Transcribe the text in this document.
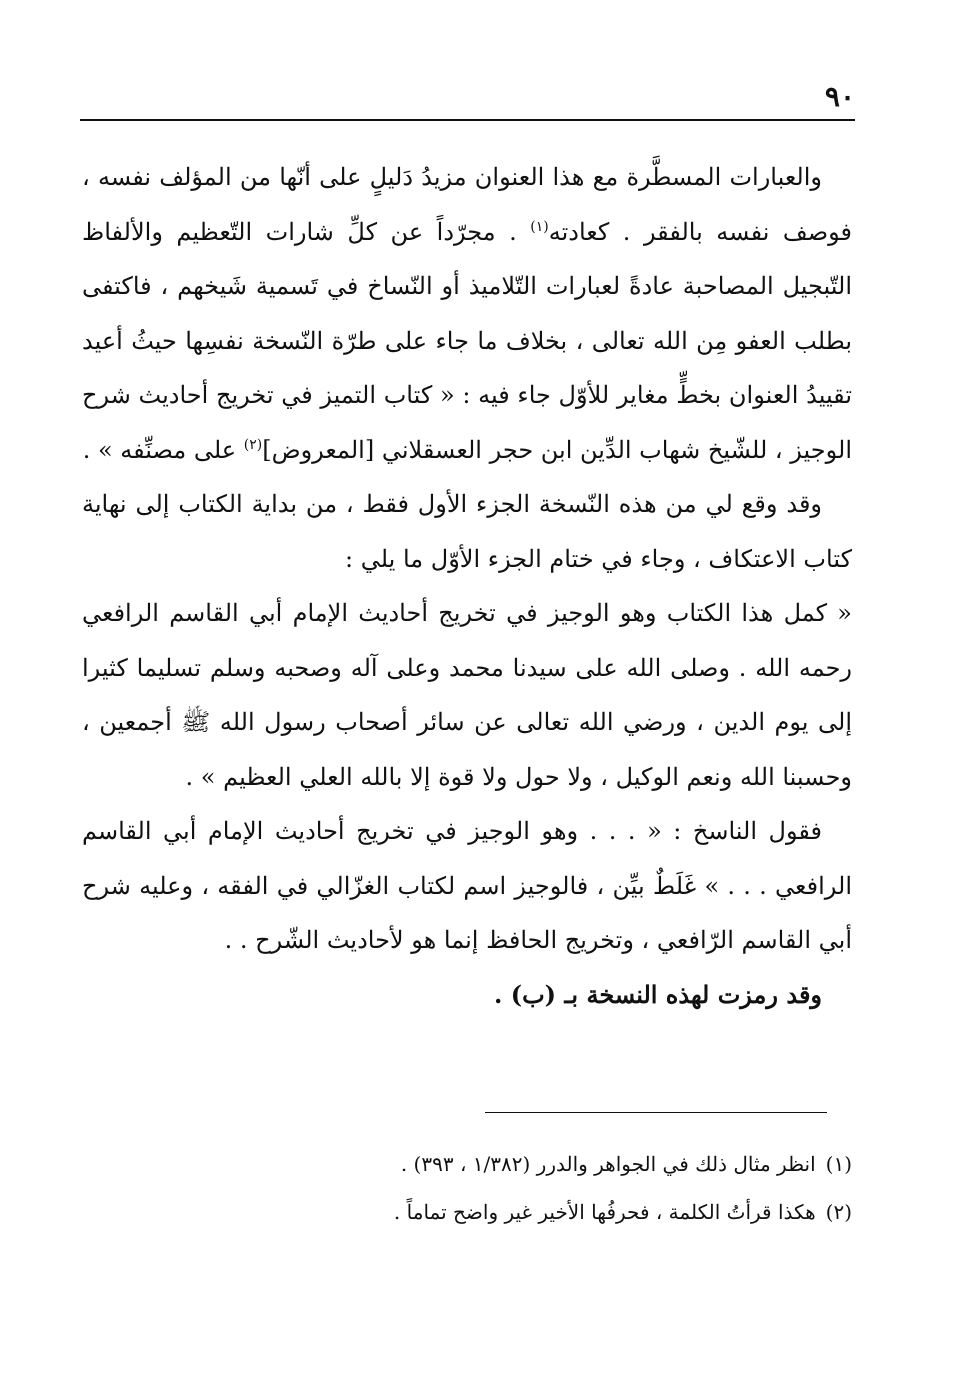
٩٠

والعبارات المسطَّرة مع هذا العنوان مزيدُ دَليلٍ على أنّها من المؤلف نفسه ، فوصف نفسه بالفقر . كعادته$^{(١)}$ . مجرّداً عن كلِّ شارات التّعظيم والألفاظ التّبجيل المصاحبة عادةً لعبارات التّلاميذ أو النّساخ في تَسمية شَيخهم ، فاكتفى بطلب العفو مِن الله تعالى ، بخلاف ما جاء على طرّة النّسخة نفسِها حيثُ أعيد تقييدُ العنوان بخطٍّ مغاير للأوّل جاء فيه : « كتاب التميز في تخريج أحاديث شرح الوجيز ، للشّيخ شهاب الدِّين ابن حجر العسقلاني [المعروض]$^{(٢)}$ على مصنِّفه » .

وقد وقع لي من هذه النّسخة الجزء الأول فقط ، من بداية الكتاب إلى نهاية كتاب الاعتكاف ، وجاء في ختام الجزء الأوّل ما يلي :

« كمل هذا الكتاب وهو الوجيز في تخريج أحاديث الإمام أبي القاسم الرافعي رحمه الله . وصلى الله على سيدنا محمد وعلى آله وصحبه وسلم تسليما كثيرا إلى يوم الدين ، ورضي الله تعالى عن سائر أصحاب رسول الله ﷺ أجمعين ، وحسبنا الله ونعم الوكيل ، ولا حول ولا قوة إلا بالله العلي العظيم » .

فقول الناسخ : « . . . وهو الوجيز في تخريج أحاديث الإمام أبي القاسم الرافعي . . . » غَلَطٌ بيِّن ، فالوجيز اسم لكتاب الغزّالي في الفقه ، وعليه شرح أبي القاسم الرّافعي ، وتخريج الحافظ إنما هو لأحاديث الشّرح . .

وقد رمزت لهذه النسخة بـ (ب) .

(١)انظر مثال ذلك في الجواهر والدرر (١/٣٨٢ ، ٣٩٣) .

(٢)هكذا قرأتُ الكلمة ، فحرفُها الأخير غير واضح تماماً .
